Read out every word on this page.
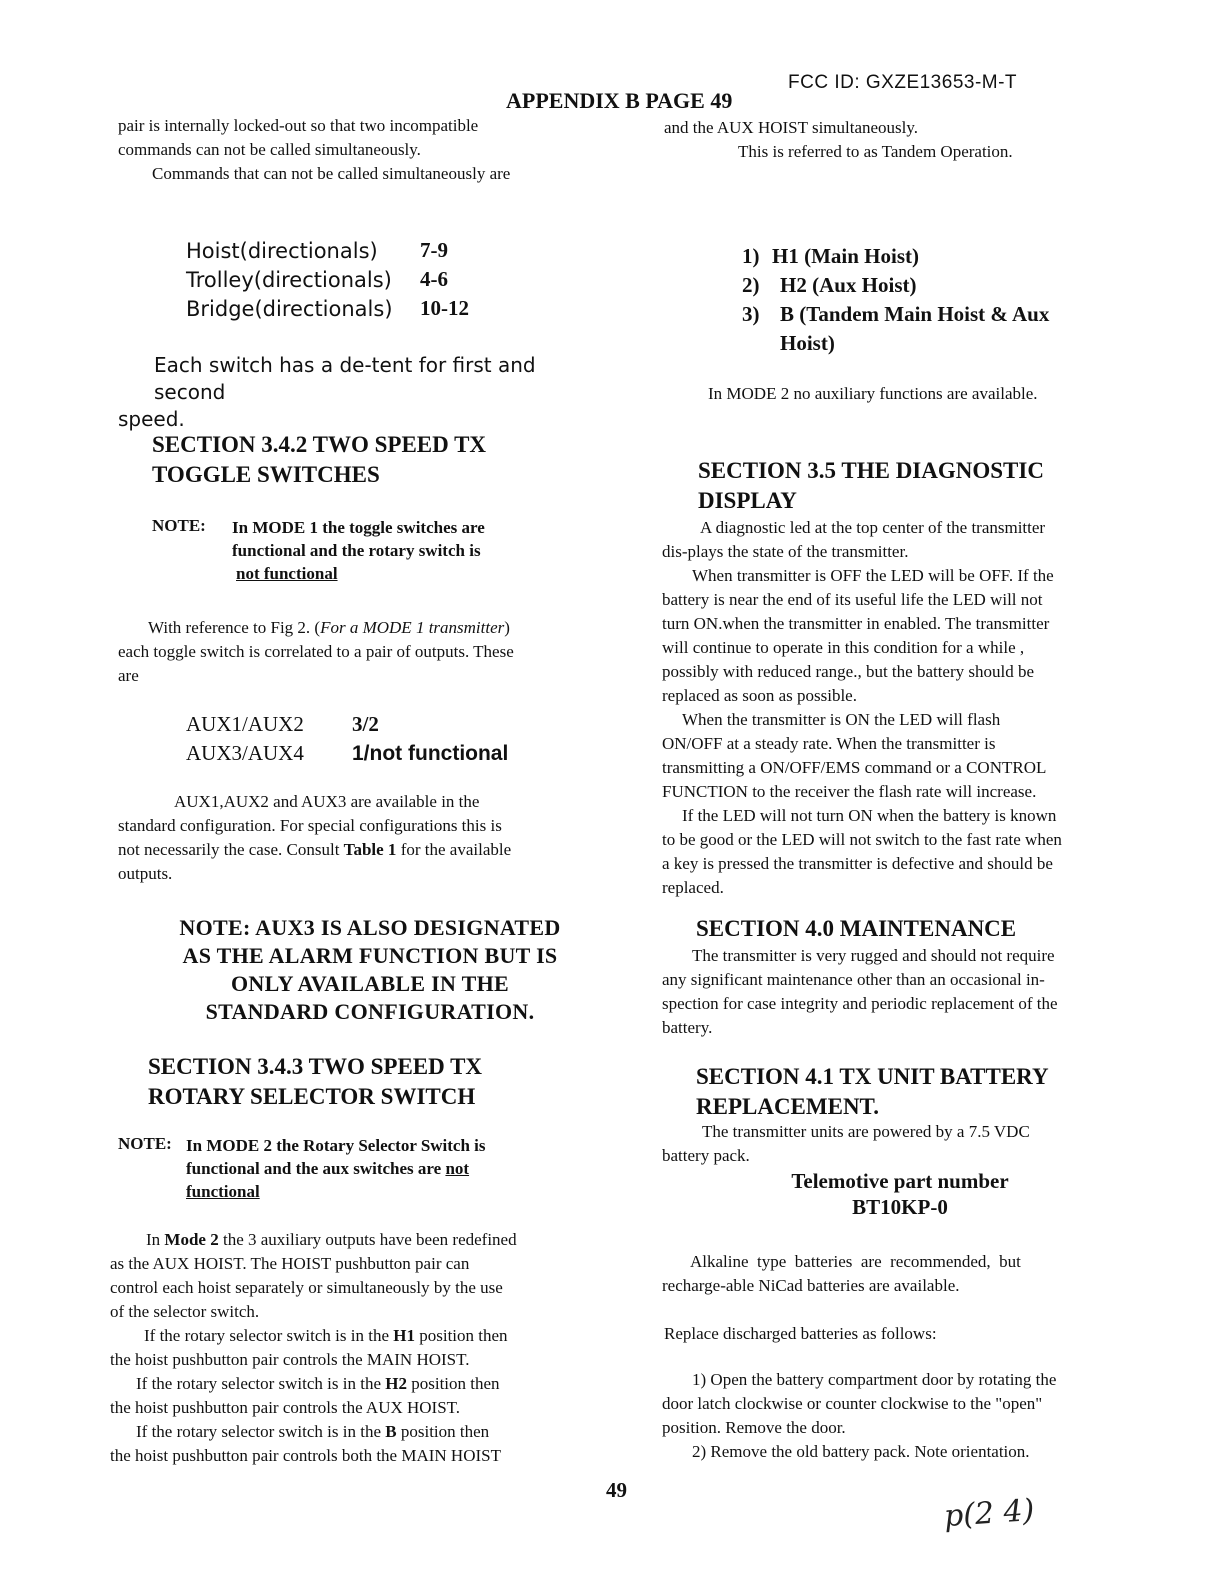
FCC ID: GXZE13653-M-T
APPENDIX B PAGE 49

pair is internally locked-out so that two incompatible
commands can not be called simultaneously.

Commands that can not be called simultaneously are

Hoist(directionals)	7-9
Trolley(directionals)	4-6
Bridge(directionals)	10-12
Each switch has a de-tent for first and second
speed.
SECTION 3.4.2 TWO SPEED TX
TOGGLE SWITCHES
NOTE: In MODE 1 the toggle switches are
functional and the rotary switch is
not functional

With reference to Fig 2. (For a MODE 1 transmitter)

each toggle switch is correlated to a pair of outputs. These

are

AUX1/AUX2	3/2
AUX3/AUX4	1/not functional

AUX1,AUX2 and AUX3 are available in the

standard configuration. For special configurations this is

not necessarily the case. Consult Table 1 for the available

outputs.

NOTE: AUX3 IS ALSO DESIGNATED
AS THE ALARM FUNCTION BUT IS
ONLY AVAILABLE IN THE
STANDARD CONFIGURATION.
SECTION 3.4.3 TWO SPEED TX
ROTARY SELECTOR SWITCH
NOTE: In MODE 2 the Rotary Selector Switch is
functional and the aux switches are not
functional

In Mode 2 the 3 auxiliary outputs have been redefined

as the AUX HOIST. The HOIST pushbutton pair can

control each hoist separately or simultaneously by the use

of the selector switch.

If the rotary selector switch is in the H1 position then

the hoist pushbutton pair controls the MAIN HOIST.

If the rotary selector switch is in the H2 position then

the hoist pushbutton pair controls the AUX HOIST.

If the rotary selector switch is in the B position then

the hoist pushbutton pair controls both the MAIN HOIST

and the AUX HOIST simultaneously.

This is referred to as Tandem Operation.

1) H1 (Main Hoist)
2) H2 (Aux Hoist)
3) B (Tandem Main Hoist & Aux
Hoist)

In MODE 2 no auxiliary functions are available.

SECTION 3.5 THE DIAGNOSTIC
DISPLAY

A diagnostic led at the top center of the transmitter

dis-plays the state of the transmitter.

When transmitter is OFF the LED will be OFF. If the

battery is near the end of its useful life the LED will not

turn ON.when the transmitter in enabled. The transmitter

will continue to operate in this condition for a while ,

possibly with reduced range., but the battery should be

replaced as soon as possible.

When the transmitter is ON the LED will flash

ON/OFF at a steady rate. When the transmitter is

transmitting a ON/OFF/EMS command or a CONTROL

FUNCTION to the receiver the flash rate will increase.

If the LED will not turn ON when the battery is known

to be good or the LED will not switch to the fast rate when

a key is pressed the transmitter is defective and should be

replaced.

SECTION 4.0 MAINTENANCE

The transmitter is very rugged and should not require

any significant maintenance other than an occasional in-

spection for case integrity and periodic replacement of the

battery.

SECTION 4.1 TX UNIT BATTERY
REPLACEMENT.

The transmitter units are powered by a 7.5 VDC

battery pack.

Telemotive part number
BT10KP-0

Alkaline  type  batteries  are  recommended,  but

recharge-able NiCad batteries are available.

Replace discharged batteries as follows:

1) Open the battery compartment door by rotating the

door latch clockwise or counter clockwise to the "open"

position. Remove the door.

2) Remove the old battery pack. Note orientation.

49
p(2 4)
